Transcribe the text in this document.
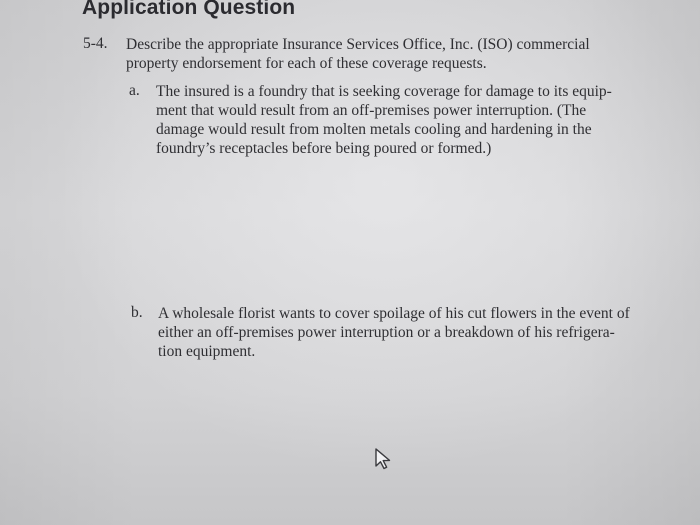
Application Question
5-4. Describe the appropriate Insurance Services Office, Inc. (ISO) commercial
property endorsement for each of these coverage requests.
a. The insured is a foundry that is seeking coverage for damage to its equip-
ment that would result from an off-premises power interruption. (The
damage would result from molten metals cooling and hardening in the
foundry’s receptacles before being poured or formed.)
b. A wholesale florist wants to cover spoilage of his cut flowers in the event of
either an off-premises power interruption or a breakdown of his refrigera-
tion equipment.
